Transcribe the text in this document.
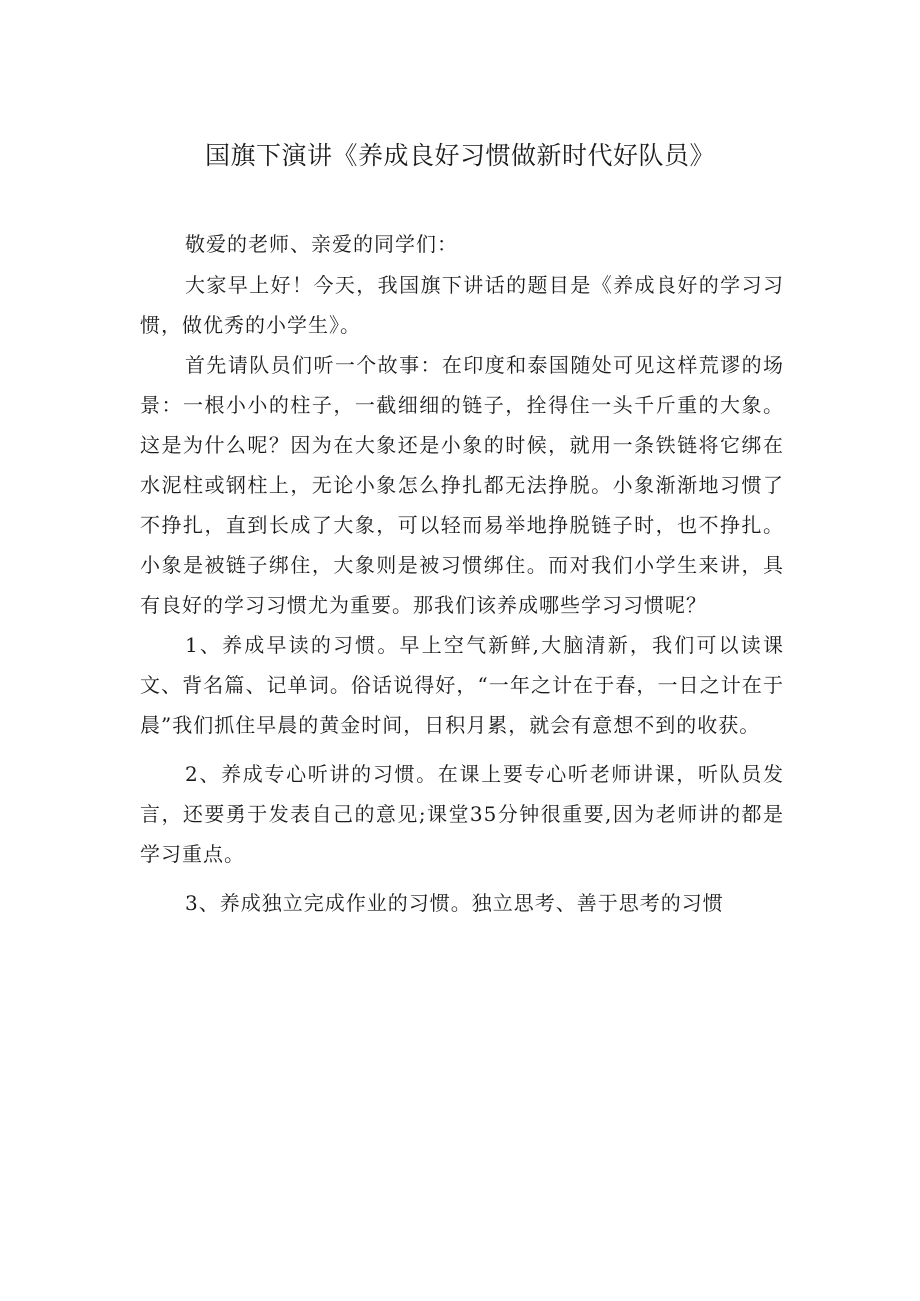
国旗下演讲《养成良好习惯做新时代好队员》

敬爱的老师、亲爱的同学们：

大家早上好！今天，我国旗下讲话的题目是《养成良好的学习习惯，做优秀的小学生》。

首先请队员们听一个故事：在印度和泰国随处可见这样荒谬的场景：一根小小的柱子，一截细细的链子，拴得住一头千斤重的大象。这是为什么呢？因为在大象还是小象的时候，就用一条铁链将它绑在水泥柱或钢柱上，无论小象怎么挣扎都无法挣脱。小象渐渐地习惯了不挣扎，直到长成了大象，可以轻而易举地挣脱链子时，也不挣扎。小象是被链子绑住，大象则是被习惯绑住。而对我们小学生来讲，具有良好的学习习惯尤为重要。那我们该养成哪些学习习惯呢？

1、养成早读的习惯。早上空气新鲜,大脑清新，我们可以读课文、背名篇、记单词。俗话说得好，“一年之计在于春，一日之计在于晨”我们抓住早晨的黄金时间，日积月累，就会有意想不到的收获。

2、养成专心听讲的习惯。在课上要专心听老师讲课，听队员发言，还要勇于发表自己的意见;课堂35分钟很重要,因为老师讲的都是学习重点。

3、养成独立完成作业的习惯。独立思考、善于思考的习惯
